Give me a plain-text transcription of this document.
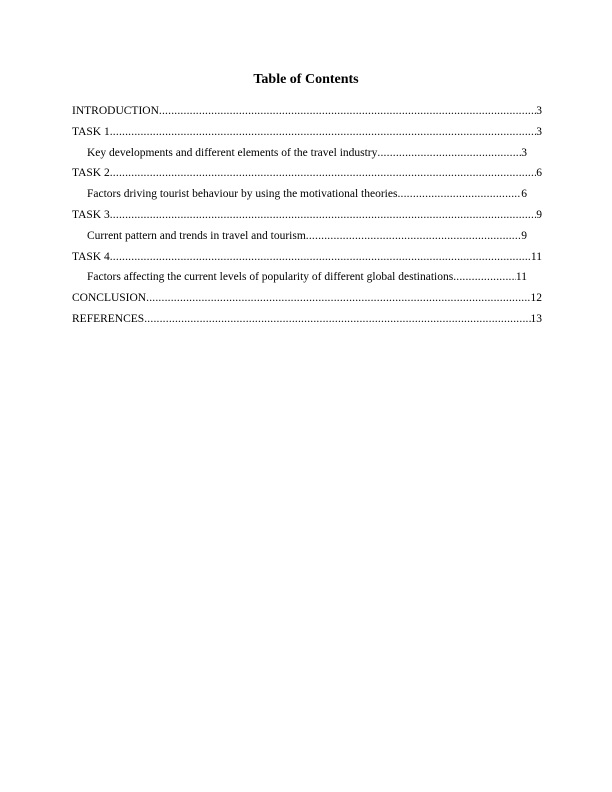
Table of Contents
INTRODUCTION .....	3
TASK 1 .....	3
Key developments and different elements of the travel industry .....	3
TASK 2 .....	6
Factors driving tourist behaviour by using the motivational theories .....	6
TASK 3 .....	9
Current pattern and trends in travel and tourism .....	9
TASK 4 .....	11
Factors affecting the current levels of popularity of different global destinations .....	11
CONCLUSION .....	12
REFERENCES .....	13
